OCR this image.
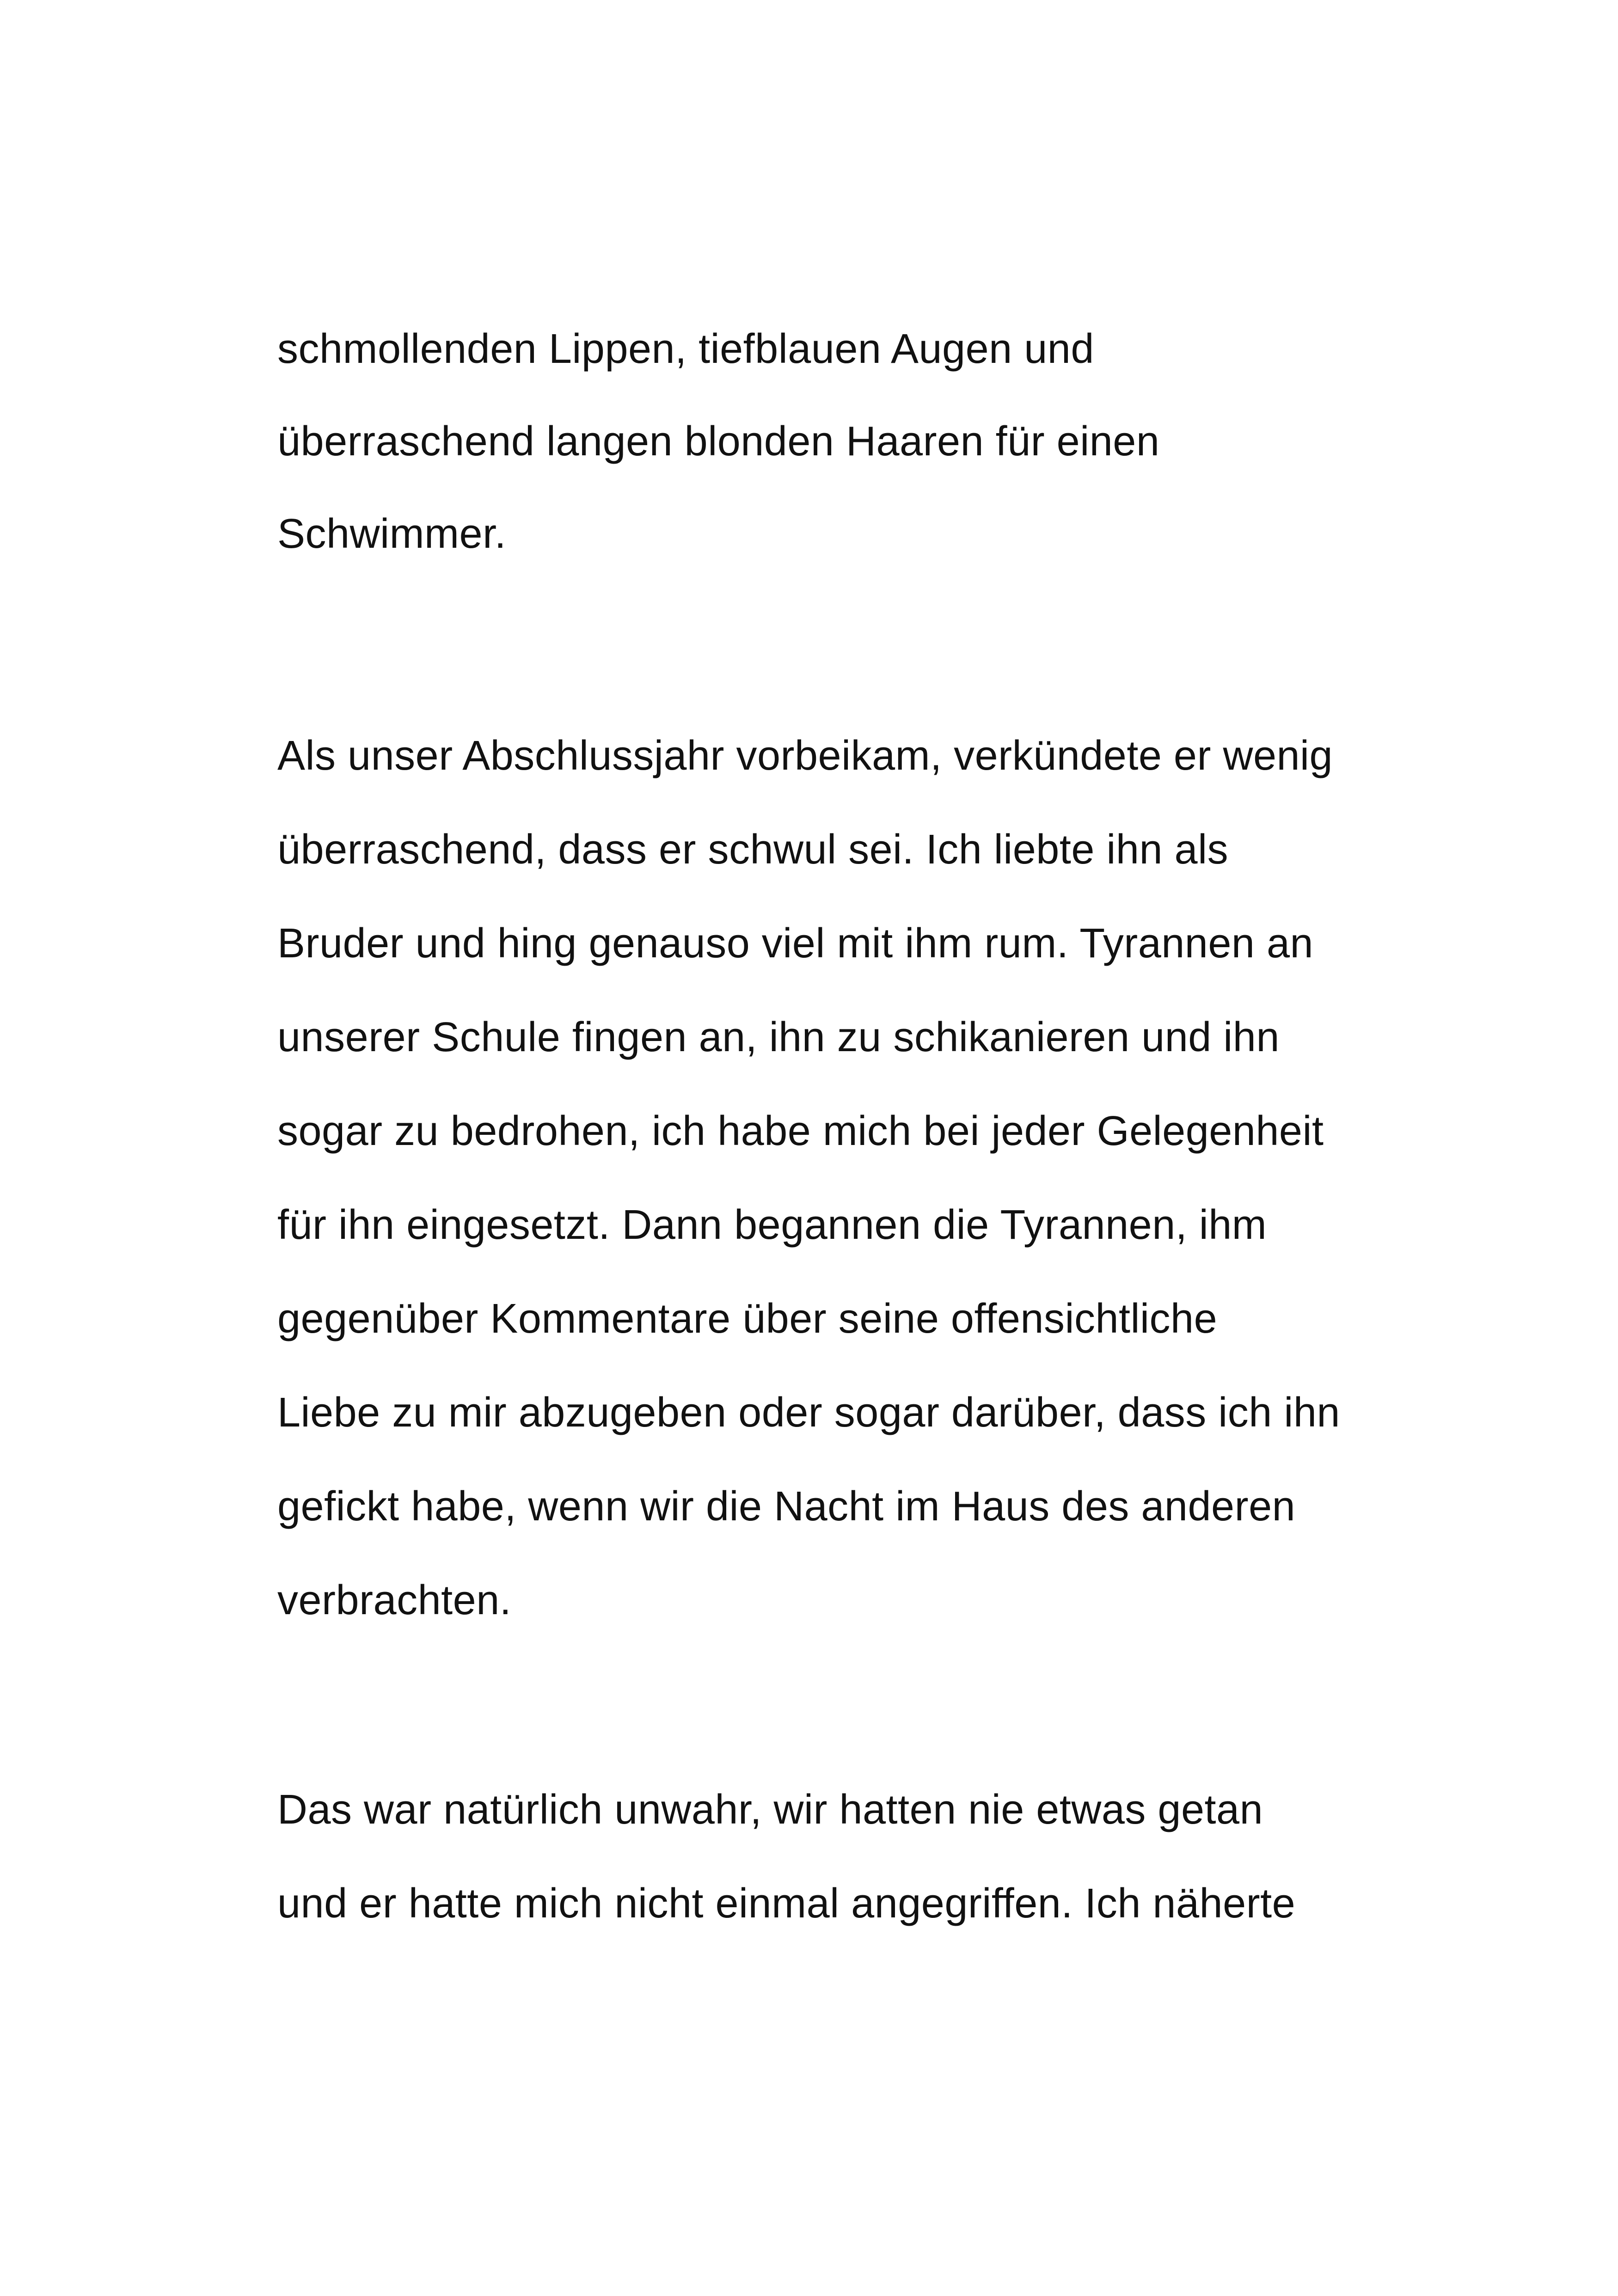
schmollenden Lippen, tiefblauen Augen und
überraschend langen blonden Haaren für einen
Schwimmer.
Als unser Abschlussjahr vorbeikam, verkündete er wenig
überraschend, dass er schwul sei. Ich liebte ihn als
Bruder und hing genauso viel mit ihm rum. Tyrannen an
unserer Schule fingen an, ihn zu schikanieren und ihn
sogar zu bedrohen, ich habe mich bei jeder Gelegenheit
für ihn eingesetzt. Dann begannen die Tyrannen, ihm
gegenüber Kommentare über seine offensichtliche
Liebe zu mir abzugeben oder sogar darüber, dass ich ihn
gefickt habe, wenn wir die Nacht im Haus des anderen
verbrachten.
Das war natürlich unwahr, wir hatten nie etwas getan
und er hatte mich nicht einmal angegriffen. Ich näherte
